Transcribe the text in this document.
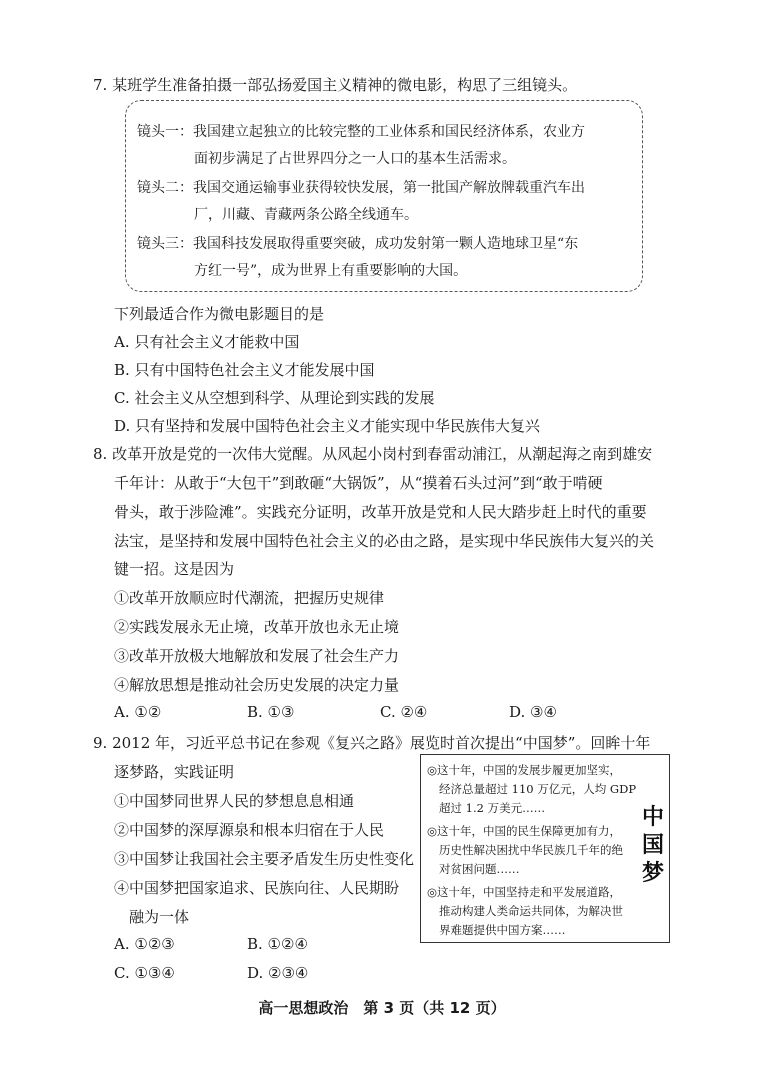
7. 某班学生准备拍摄一部弘扬爱国主义精神的微电影，构思了三组镜头。
镜头一：我国建立起独立的比较完整的工业体系和国民经济体系，农业方
面初步满足了占世界四分之一人口的基本生活需求。
镜头二：我国交通运输事业获得较快发展，第一批国产解放牌载重汽车出
厂，川藏、青藏两条公路全线通车。
镜头三：我国科技发展取得重要突破，成功发射第一颗人造地球卫星“东
方红一号”，成为世界上有重要影响的大国。
下列最适合作为微电影题目的是
A. 只有社会主义才能救中国
B. 只有中国特色社会主义才能发展中国
C. 社会主义从空想到科学、从理论到实践的发展
D. 只有坚持和发展中国特色社会主义才能实现中华民族伟大复兴
8. 改革开放是党的一次伟大觉醒。从风起小岗村到春雷动浦江，从潮起海之南到雄安
千年计：从敢于“大包干”到敢砸“大锅饭”，从“摸着石头过河”到“敢于啃硬
骨头，敢于涉险滩”。实践充分证明，改革开放是党和人民大踏步赶上时代的重要
法宝，是坚持和发展中国特色社会主义的必由之路，是实现中华民族伟大复兴的关
键一招。这是因为
①改革开放顺应时代潮流，把握历史规律
②实践发展永无止境，改革开放也永无止境
③改革开放极大地解放和发展了社会生产力
④解放思想是推动社会历史发展的决定力量
A. ①②	B. ①③	C. ②④	D. ③④
9. 2012 年，习近平总书记在参观《复兴之路》展览时首次提出“中国梦”。回眸十年
逐梦路，实践证明
①中国梦同世界人民的梦想息息相通
②中国梦的深厚源泉和根本归宿在于人民
③中国梦让我国社会主要矛盾发生历史性变化
④中国梦把国家追求、民族向往、人民期盼
融为一体
A. ①②③	B. ①②④
C. ①③④	D. ②③④
◎这十年，中国的发展步履更加坚实，
经济总量超过 110 万亿元，人均 GDP
超过 1.2 万美元……
◎这十年，中国的民生保障更加有力，
历史性解决困扰中华民族几千年的绝
对贫困问题……
◎这十年，中国坚持走和平发展道路，
推动构建人类命运共同体，为解决世
界难题提供中国方案……
中
国
梦
高一思想政治　第 3 页（共 12 页）
